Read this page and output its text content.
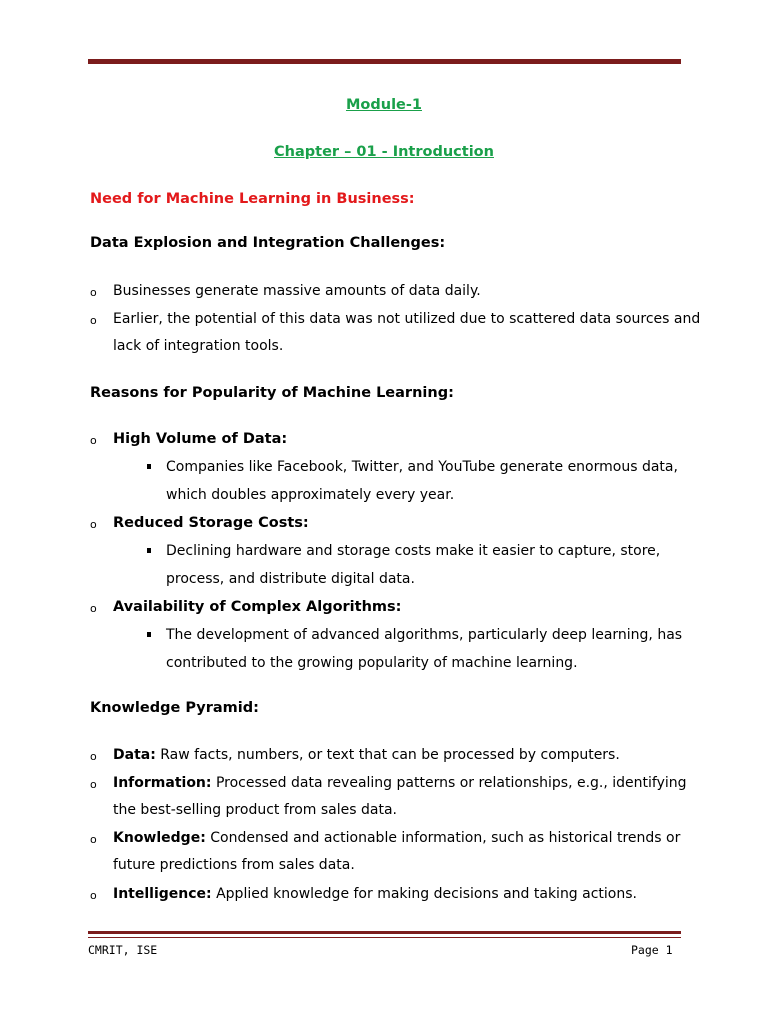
Module-1
Chapter – 01 - Introduction
Need for Machine Learning in Business:
Data Explosion and Integration Challenges:
o Businesses generate massive amounts of data daily.
o Earlier, the potential of this data was not utilized due to scattered data sources and
lack of integration tools.
Reasons for Popularity of Machine Learning:
o High Volume of Data:
Companies like Facebook, Twitter, and YouTube generate enormous data,
which doubles approximately every year.
o Reduced Storage Costs:
Declining hardware and storage costs make it easier to capture, store,
process, and distribute digital data.
o Availability of Complex Algorithms:
The development of advanced algorithms, particularly deep learning, has
contributed to the growing popularity of machine learning.
Knowledge Pyramid:
o Data: Raw facts, numbers, or text that can be processed by computers.
o Information: Processed data revealing patterns or relationships, e.g., identifying
the best-selling product from sales data.
o Knowledge: Condensed and actionable information, such as historical trends or
future predictions from sales data.
o Intelligence: Applied knowledge for making decisions and taking actions.
CMRIT, ISE	Page 1
